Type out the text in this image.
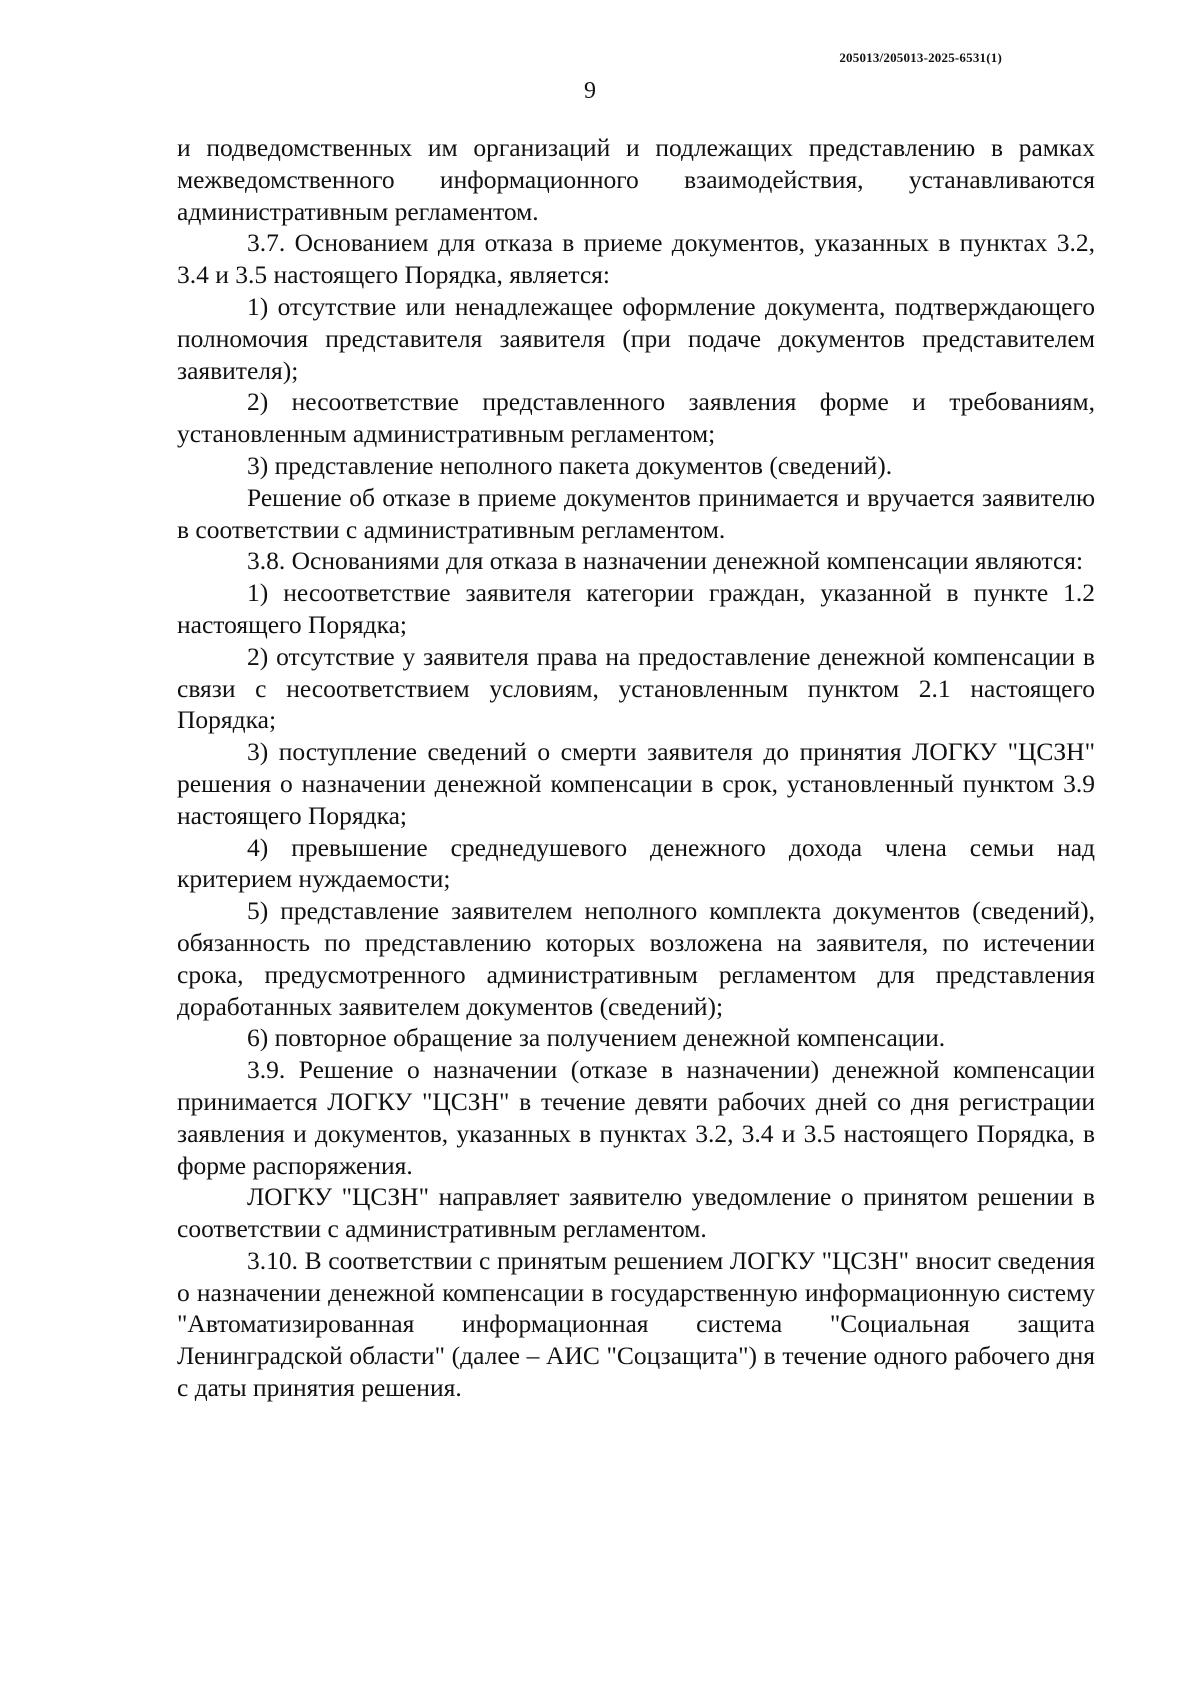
205013/205013-2025-6531(1)
9

и подведомственных им организаций и подлежащих представлению в рамках межведомственного информационного взаимодействия, устанавливаются административным регламентом.

3.7. Основанием для отказа в приеме документов, указанных в пунктах 3.2, 3.4 и 3.5 настоящего Порядка, является:

1) отсутствие или ненадлежащее оформление документа, подтверждающего полномочия представителя заявителя (при подаче документов представителем заявителя);

2) несоответствие представленного заявления форме и требованиям, установленным административным регламентом;

3) представление неполного пакета документов (сведений).

Решение об отказе в приеме документов принимается и вручается заявителю в соответствии с административным регламентом.

3.8. Основаниями для отказа в назначении денежной компенсации являются:

1) несоответствие заявителя категории граждан, указанной в пункте 1.2 настоящего Порядка;

2) отсутствие у заявителя права на предоставление денежной компенсации в связи с несоответствием условиям, установленным пунктом 2.1 настоящего Порядка;

3) поступление сведений о смерти заявителя до принятия ЛОГКУ "ЦСЗН" решения о назначении денежной компенсации в срок, установленный пунктом 3.9 настоящего Порядка;

4) превышение среднедушевого денежного дохода члена семьи над критерием нуждаемости;

5) представление заявителем неполного комплекта документов (сведений), обязанность по представлению которых возложена на заявителя, по истечении срока, предусмотренного административным регламентом для представления доработанных заявителем документов (сведений);

6) повторное обращение за получением денежной компенсации.

3.9. Решение о назначении (отказе в назначении) денежной компенсации принимается ЛОГКУ "ЦСЗН" в течение девяти рабочих дней со дня регистрации заявления и документов, указанных в пунктах 3.2, 3.4 и 3.5 настоящего Порядка, в форме распоряжения.

ЛОГКУ "ЦСЗН" направляет заявителю уведомление о принятом решении в соответствии с административным регламентом.

3.10. В соответствии с принятым решением ЛОГКУ "ЦСЗН" вносит сведения о назначении денежной компенсации в государственную информационную систему "Автоматизированная информационная система "Социальная защита Ленинградской области" (далее – АИС "Соцзащита") в течение одного рабочего дня с даты принятия решения.
